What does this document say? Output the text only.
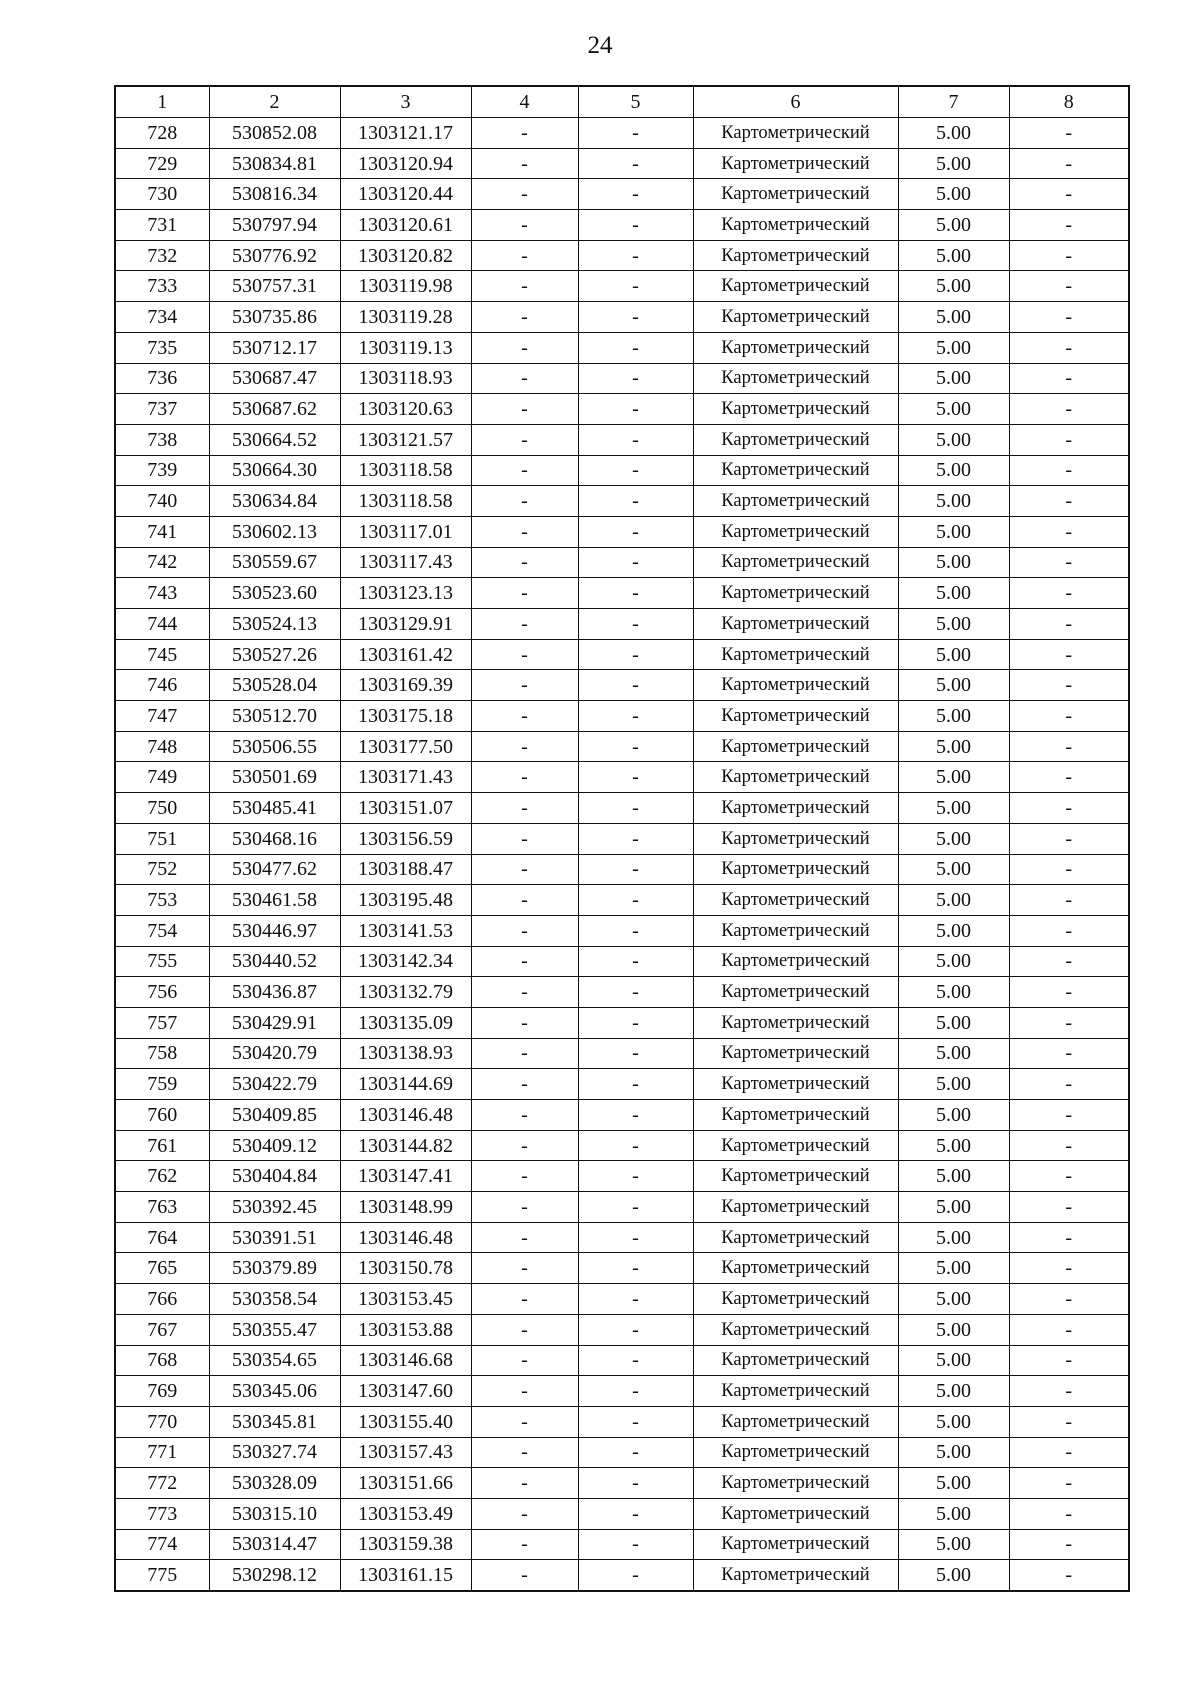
24
1	2	3	4	5	6	7	8
728	530852.08	1303121.17	-	-	Картометрический	5.00	-
729	530834.81	1303120.94	-	-	Картометрический	5.00	-
730	530816.34	1303120.44	-	-	Картометрический	5.00	-
731	530797.94	1303120.61	-	-	Картометрический	5.00	-
732	530776.92	1303120.82	-	-	Картометрический	5.00	-
733	530757.31	1303119.98	-	-	Картометрический	5.00	-
734	530735.86	1303119.28	-	-	Картометрический	5.00	-
735	530712.17	1303119.13	-	-	Картометрический	5.00	-
736	530687.47	1303118.93	-	-	Картометрический	5.00	-
737	530687.62	1303120.63	-	-	Картометрический	5.00	-
738	530664.52	1303121.57	-	-	Картометрический	5.00	-
739	530664.30	1303118.58	-	-	Картометрический	5.00	-
740	530634.84	1303118.58	-	-	Картометрический	5.00	-
741	530602.13	1303117.01	-	-	Картометрический	5.00	-
742	530559.67	1303117.43	-	-	Картометрический	5.00	-
743	530523.60	1303123.13	-	-	Картометрический	5.00	-
744	530524.13	1303129.91	-	-	Картометрический	5.00	-
745	530527.26	1303161.42	-	-	Картометрический	5.00	-
746	530528.04	1303169.39	-	-	Картометрический	5.00	-
747	530512.70	1303175.18	-	-	Картометрический	5.00	-
748	530506.55	1303177.50	-	-	Картометрический	5.00	-
749	530501.69	1303171.43	-	-	Картометрический	5.00	-
750	530485.41	1303151.07	-	-	Картометрический	5.00	-
751	530468.16	1303156.59	-	-	Картометрический	5.00	-
752	530477.62	1303188.47	-	-	Картометрический	5.00	-
753	530461.58	1303195.48	-	-	Картометрический	5.00	-
754	530446.97	1303141.53	-	-	Картометрический	5.00	-
755	530440.52	1303142.34	-	-	Картометрический	5.00	-
756	530436.87	1303132.79	-	-	Картометрический	5.00	-
757	530429.91	1303135.09	-	-	Картометрический	5.00	-
758	530420.79	1303138.93	-	-	Картометрический	5.00	-
759	530422.79	1303144.69	-	-	Картометрический	5.00	-
760	530409.85	1303146.48	-	-	Картометрический	5.00	-
761	530409.12	1303144.82	-	-	Картометрический	5.00	-
762	530404.84	1303147.41	-	-	Картометрический	5.00	-
763	530392.45	1303148.99	-	-	Картометрический	5.00	-
764	530391.51	1303146.48	-	-	Картометрический	5.00	-
765	530379.89	1303150.78	-	-	Картометрический	5.00	-
766	530358.54	1303153.45	-	-	Картометрический	5.00	-
767	530355.47	1303153.88	-	-	Картометрический	5.00	-
768	530354.65	1303146.68	-	-	Картометрический	5.00	-
769	530345.06	1303147.60	-	-	Картометрический	5.00	-
770	530345.81	1303155.40	-	-	Картометрический	5.00	-
771	530327.74	1303157.43	-	-	Картометрический	5.00	-
772	530328.09	1303151.66	-	-	Картометрический	5.00	-
773	530315.10	1303153.49	-	-	Картометрический	5.00	-
774	530314.47	1303159.38	-	-	Картометрический	5.00	-
775	530298.12	1303161.15	-	-	Картометрический	5.00	-
